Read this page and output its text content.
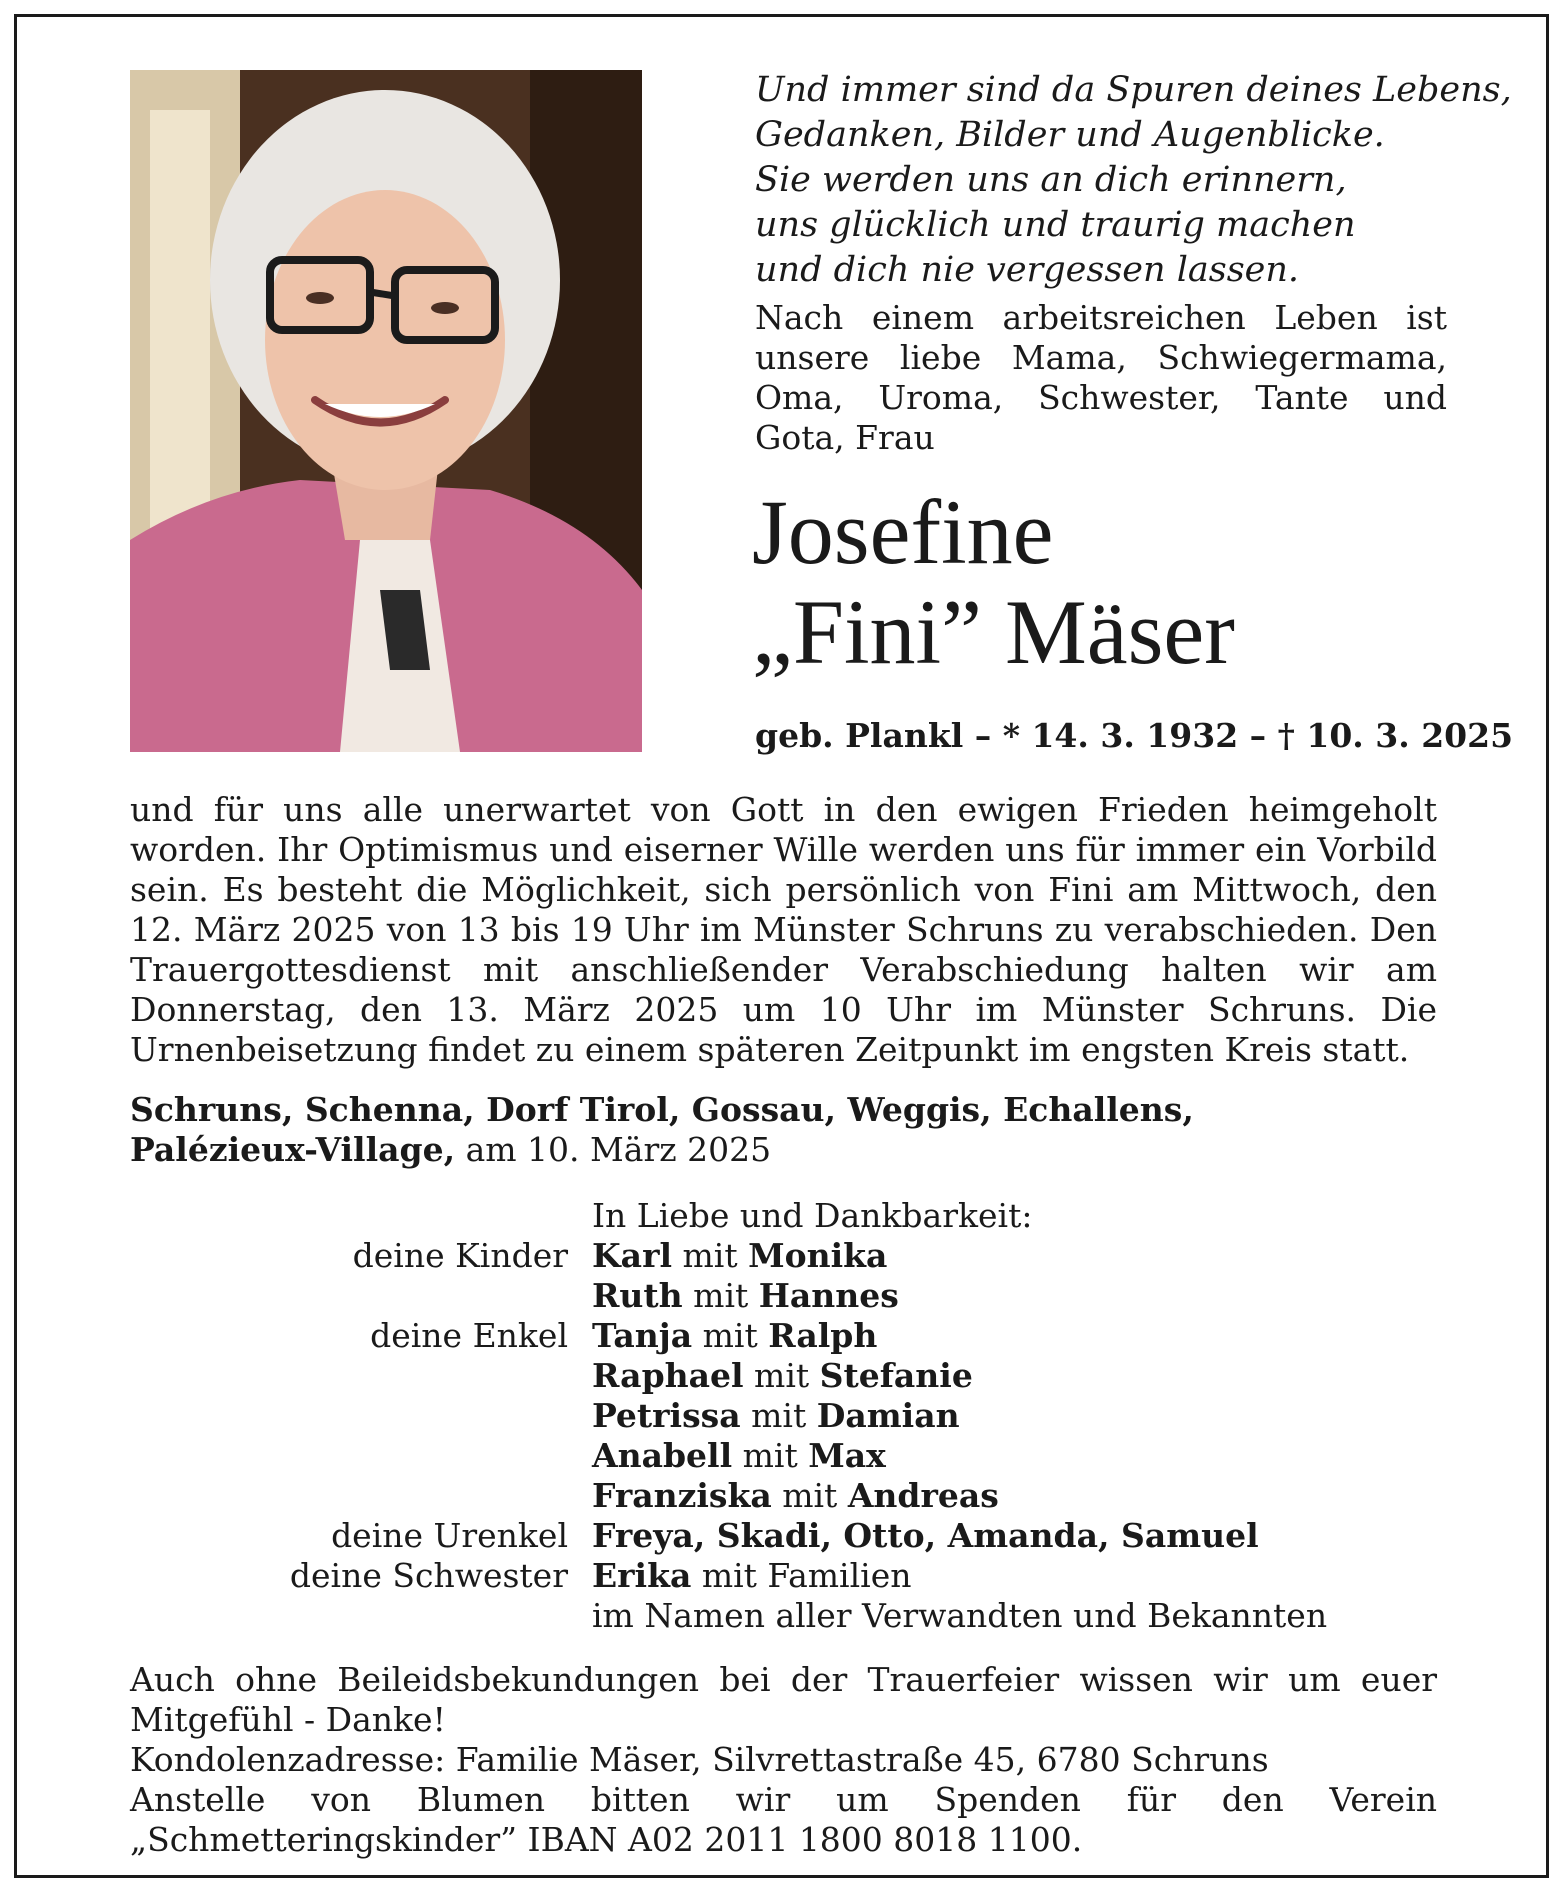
Und immer sind da Spuren deines Lebens,
Gedanken, Bilder und Augenblicke.
Sie werden uns an dich erinnern,
uns glücklich und traurig machen
und dich nie vergessen lassen.
Nach einem arbeitsreichen Leben ist unsere liebe Mama, Schwiegermama, Oma, Uroma, Schwester, Tante und Gota, Frau
Josefine
„Fini” Mäser
geb. Plankl – * 14. 3. 1932 – † 10. 3. 2025
und für uns alle unerwartet von Gott in den ewigen Frieden heimgeholt worden. Ihr Optimismus und eiserner Wille werden uns für immer ein Vorbild sein. Es besteht die Möglichkeit, sich persönlich von Fini am Mittwoch, den 12. März 2025 von 13 bis 19 Uhr im Münster Schruns zu verabschieden. Den Trauergottesdienst mit anschließender Verabschiedung halten wir am Donnerstag, den 13. März 2025 um 10 Uhr im Münster Schruns. Die Urnenbeisetzung findet zu einem späteren Zeitpunkt im engsten Kreis statt.
Schruns, Schenna, Dorf Tirol, Gossau, Weggis, Echallens,
Palézieux-Village, am 10. März 2025
In Liebe und Dankbarkeit:
deine Kinder Karl mit Monika
Ruth mit Hannes
deine Enkel Tanja mit Ralph
Raphael mit Stefanie
Petrissa mit Damian
Anabell mit Max
Franziska mit Andreas
deine Urenkel Freya, Skadi, Otto, Amanda, Samuel
deine Schwester Erika mit Familien
im Namen aller Verwandten und Bekannten
Auch ohne Beileidsbekundungen bei der Trauerfeier wissen wir um euer Mitgefühl - Danke!
Kondolenzadresse: Familie Mäser, Silvrettastraße 45, 6780 Schruns
Anstelle von Blumen bitten wir um Spenden für den Verein „Schmetteringskinder” IBAN A02 2011 1800 8018 1100.
